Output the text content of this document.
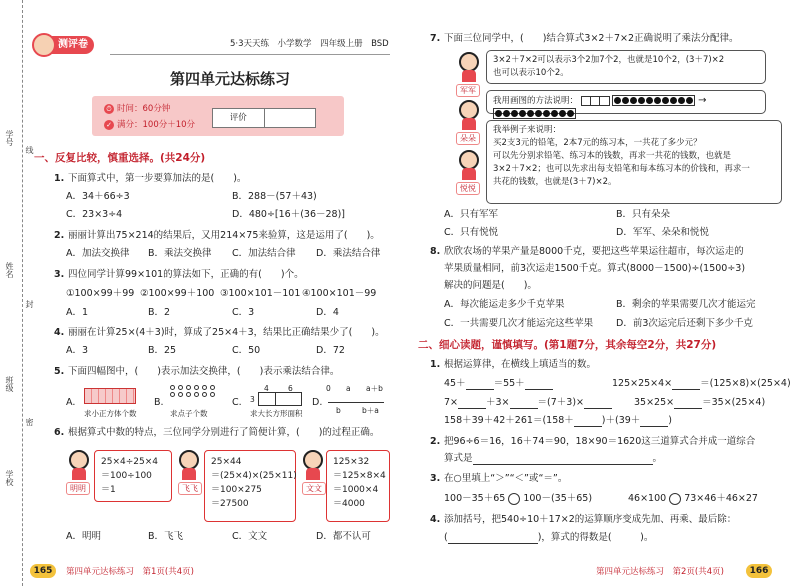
学号
姓名
班级
学校
线
封
密
测评卷	5·3天天练　 小学数学　 四年级上册　 BSD
第四单元达标练习
⏱ 时间：60分钟
✓ 满分：100分＋10分
评价
一、反复比较，慎重选择。(共24分)
1. 下面算式中，第一步要算加法的是(　　)。
A．34＋66÷3	B．288－(57＋43)
C．23×3÷4	D．480÷[16＋(36－28)]
2. 丽丽计算出75×214的结果后，又用214×75来验算，这是运用了(　　)。
A．加法交换律 B．乘法交换律 C．加法结合律 D．乘法结合律
3. 四位同学计算99×101的算法如下，正确的有(　　)个。
①100×99＋99 ②100×99＋100 ③100×101－101 ④100×101－99
A．1	B．2	C．3	D．4
4. 丽丽在计算25×(4＋3)时，算成了25×4＋3，结果比正确结果少了(　　)。
A．3	B．25	C．50	D．72
5. 下面四幅图中，(　　)表示加法交换律，(　　)表示乘法结合律。
A.
求小正方体个数
B.
求点子个数
C.
4	6
3
求大长方形面积
D.
0 a a＋b
b	b＋a
6. 根据算式中数的特点，三位同学分别进行了简便计算，(　　)的过程正确。
明明
25×4÷25×4
＝100÷100
＝1	飞飞
25×44
＝(25×4)×(25×11)
＝100×275
＝27500
文文
125×32
＝125×8×4
＝1000×4
＝4000
A．明明	B．飞飞	C．文文	D．都不认可
165	第四单元达标练习　第1页(共4页)
7. 下面三位同学中，(　　)结合算式3×2＋7×2正确说明了乘法分配律。
军军
3×2＋7×2可以表示3个2加7个2，也就是10个2，(3＋7)×2
也可以表示10个2。
朵朵
我用画图的方法说明：
	→
悦悦
我举例子来说明：
买2支3元的铅笔，2本7元的练习本，一共花了多少元？
可以先分别求铅笔、练习本的钱数，再求一共花的钱数，也就是
3×2＋7×2；也可以先求出每支铅笔和每本练习本的价钱和，再求一
共花的钱数，也就是(3＋7)×2。
A．只有军军	B．只有朵朵
C．只有悦悦	D．军军、朵朵和悦悦
8. 欣欣农场的苹果产量是8000千克，要把这些苹果运往超市，每次运走的
苹果质量相同，前3次运走1500千克。算式(8000－1500)÷(1500÷3)
解决的问题是(　　)。
A．每次能运走多少千克苹果	B．剩余的苹果需要几次才能运完
C．一共需要几次才能运完这些苹果 D．前3次运完后还剩下多少千克
二、细心读题，谨慎填写。(第1题7分，其余每空2分，共27分)
1. 根据运算律，在横线上填适当的数。
45＋	＝55＋	125×25×4×	＝(125×8)×(25×4)
7×	＋3×	＝(7＋3)×	35×25×	＝35×(25×4)
158＋39＋42＋261＝(158＋	)＋(39＋	)
2. 把96÷6＝16，16＋74＝90，18×90＝1620这三道算式合并成一道综合
算式是	。
3. 在○里填上“＞”“＜”或“＝”。
100－35＋65 100－(35＋65)	46×100 73×46＋46×27
4. 添加括号，把540÷10＋17×2的运算顺序变成先加、再乘、最后除：
(	)，算式的得数是(　　　)。
第四单元达标练习　第2页(共4页)	166
